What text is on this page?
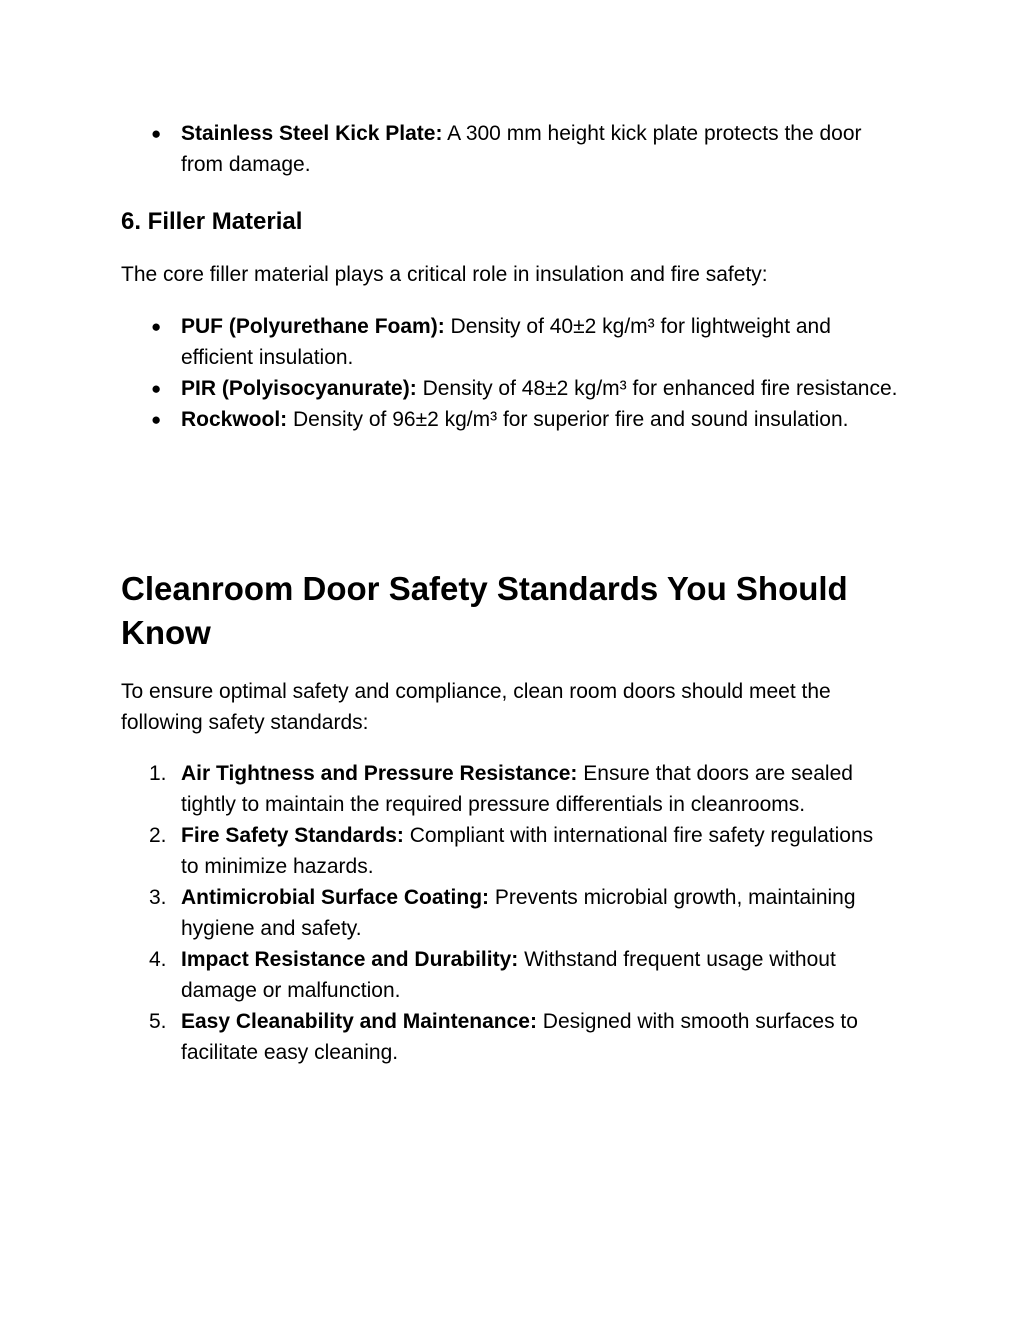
● Stainless Steel Kick Plate: A 300 mm height kick plate protects the door from damage.
6. Filler Material

The core filler material plays a critical role in insulation and fire safety:

● PUF (Polyurethane Foam): Density of 40±2 kg/m³ for lightweight and efficient insulation.
● PIR (Polyisocyanurate): Density of 48±2 kg/m³ for enhanced fire resistance.
● Rockwool: Density of 96±2 kg/m³ for superior fire and sound insulation.
Cleanroom Door Safety Standards You Should Know

To ensure optimal safety and compliance, clean room doors should meet the following safety standards:

1. Air Tightness and Pressure Resistance: Ensure that doors are sealed tightly to maintain the required pressure differentials in cleanrooms.
2. Fire Safety Standards: Compliant with international fire safety regulations to minimize hazards.
3. Antimicrobial Surface Coating: Prevents microbial growth, maintaining hygiene and safety.
4. Impact Resistance and Durability: Withstand frequent usage without damage or malfunction.
5. Easy Cleanability and Maintenance: Designed with smooth surfaces to facilitate easy cleaning.
